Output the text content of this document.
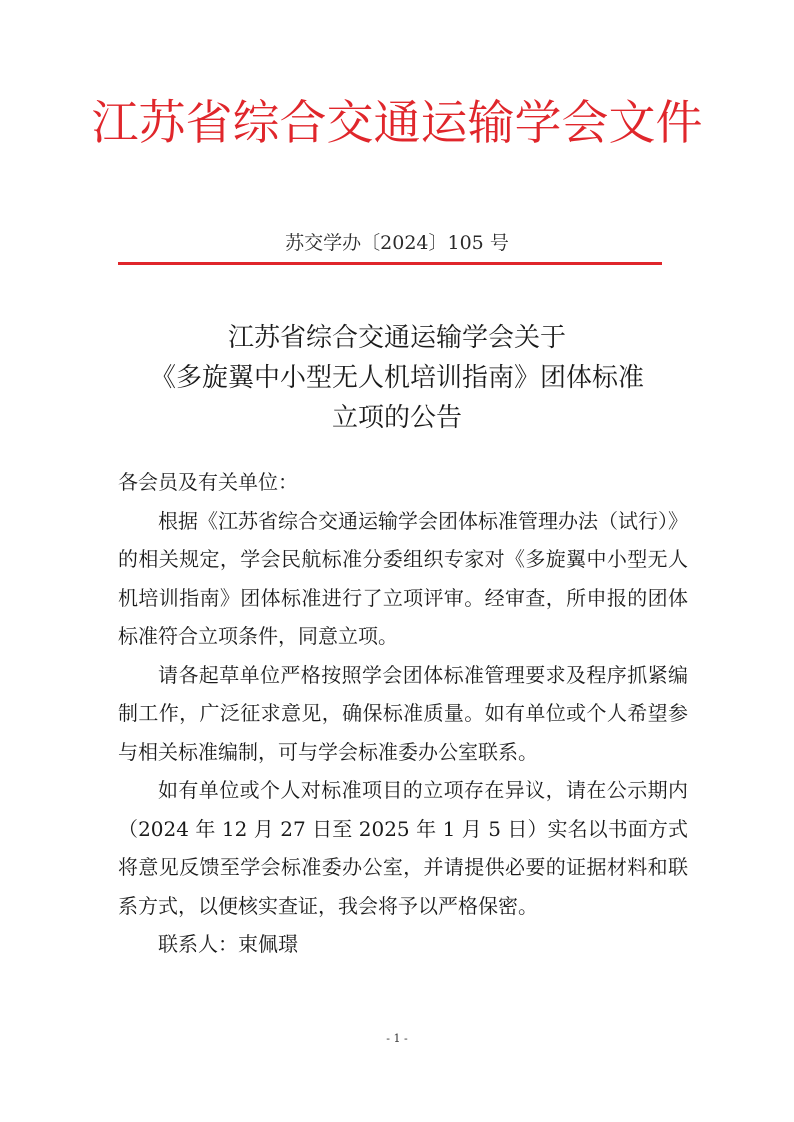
江苏省综合交通运输学会文件
苏交学办〔2024〕105 号
江苏省综合交通运输学会关于
《多旋翼中小型无人机培训指南》团体标准
立项的公告

各会员及有关单位：

根据《江苏省综合交通运输学会团体标准管理办法（试行）》的相关规定，学会民航标准分委组织专家对《多旋翼中小型无人机培训指南》团体标准进行了立项评审。经审查，所申报的团体标准符合立项条件，同意立项。

请各起草单位严格按照学会团体标准管理要求及程序抓紧编制工作，广泛征求意见，确保标准质量。如有单位或个人希望参与相关标准编制，可与学会标准委办公室联系。

如有单位或个人对标准项目的立项存在异议，请在公示期内（2024 年 12 月 27 日至 2025 年 1 月 5 日）实名以书面方式将意见反馈至学会标准委办公室，并请提供必要的证据材料和联系方式，以便核实查证，我会将予以严格保密。

联系人：束佩璟

- 1 -
